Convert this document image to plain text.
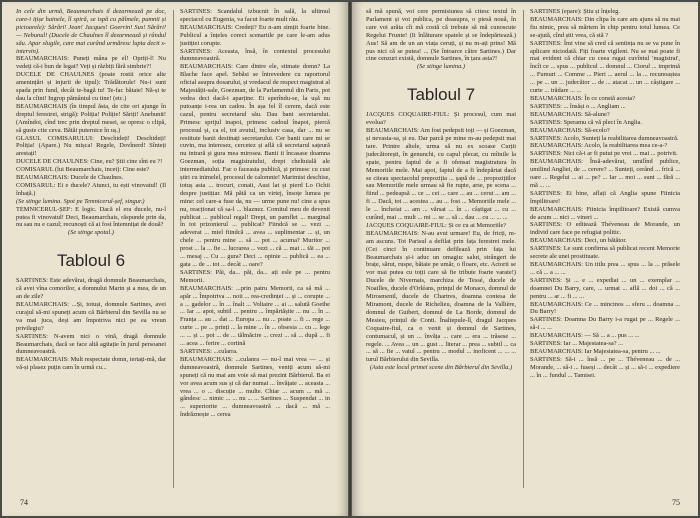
In cele din urmă, Beaumarchais iî dezarmează pe doc, care-i ițișe hainele, îl spiră, se ispă cu pălmele, pumnii și picioarele): Sărări! Jean! Jacques! Goerrin! Sus! Sărări! — Nebunul! (Ducele de Chaulnes îl dezarmează și rândul său. Apar slugile, care mai curând urmăresc lupta decit s-intervin).

BEAUMARCHAIS: Puneți mâna pe el! Opriți-l! Nu vedeți că-i bun de legat? Veți și răzbiți fără simbrie?!

DUCELE DE CHAULNES (poate rostii orice alte amenințări și injurii de tipul): Trădătorule! Nu-i sunt spada prin fund, decât te-bagă tu! Te-fac bătaie! Nă-și te dau la cîini! Ingrop pământul cu tine! (etc.)

BEAUMARCHAIS (în timpul ăsta, de cite ori ajunge în dreptul ferestrei, strigă): Poliția! Poliție! Săriți! Anebunit! (Amîndoi, cînd trec prin dreptul mesei, se opresc o clipă, să guste cite ceva. Bătăi puternice în uș.)

GLASUL COMISARULUI: Deschideți! Deschideți! Poliția! (Apare.) Nu mișca! Regele, Dovînerd! Sînteți arestați!

DUCELE DE CHAULNES: Cine, eu? Știi cine sînt eu ?!

COMISARUL (lui Beaumarchais, incet): Cine este?

BEAUMARCHAIS: Ducele de Chaulnes.

COMISARUL: Ei e ducele? Atunci, tu ești vinovatul! (Il înhață.)

(Se stinge lumina. Spot pe Temnicerul-șef, singur.)

TEMNICERUL-ȘEF: E logic. Dacă el era ducele, nu-l putea fi vinovatul! Deci, Beaumarchais, răspunde prin da, nu sau nu e cazul; recunoști că ai fost întemnițat de două?

(Se stinge spotul.)

Tabloul 6

SARTINES: Este adevărat, dragă domnule Beaumarchais, că avei vîna comorilor, a domnului Marin și a mea, de un an de zile?

BEAUMARCHAIS: ...Și, totuși, domnule Sartines, avei curajul să-mi spuneți acum că Bărbierul din Sevilla nu se va mai juca, deși am împotriva nici pe ea vreun privilegiu?

SARTINES: N-avem nici o vină, dragă domnule Beaumarchais, dacă se face altă agitație în jurul persoanei dumneavoastră.

BEAUMARCHAIS: Mult respectate domn, iertați-mă, dar vă-și plasez puțin cam în urmă cu...

SARTINES: Scandalul izbucnit în sală, la ultimul spectacol cu Eugenia, va facut foarte mult rău.

BEAUMARCHAIS: Credeți? Eu n-am simțit foarte bine. Publicul a înțeles corect scenariile pe care le-am adus justiției corupte.

SARTINES: Aceasta, însă, în contextul procesului dumneavoastră.

BEAUMARCHAIS: Care dintre ele, stimate domn? La Blache face apel. Sebăsi se întrevedere cu raportorul oficial asupra dosarului, și vredacul de respect magistrat al Majestății-sale, Goezman, de la Parlamentul din Paris, pot vedea deci dacă-i aparține. Ei sperîndu-se, la ușă nu putoanțe i-rea un cadou. În așa fel îl cerem, dacă este cazul, pentru secretarul său. Dau bani secretarului. Primesc sprijul inapoi, primesc cadoul înapoi, piercă procesul și, ca el, tot avutul, inclusiv casa, dar ... nu se restituie banii destinați secretarului. Cer banii care mi se cuvin, ma interesez, cercetez și află că secretarul sațeură nu intrară și gura mea mirosea. Banii ii încasase doamna Goezman, soția magistratului, drept cheltuială ale intermediatului. Fac o faceasta publică, și primesc cu cust știri cu inimelel, procesul de calomnie! Marimist deschise, totuș asta ... trocuri, conaii, Ausi lat și pierd Lo Ochii despre justițiar. Mă pătă ca un virtej, însoțe lumea pe mine: cel care-a fuse da, nu — urme pune nu! cine a spus nu, reacționat că sa-l ... blaznez. Comitul meu de devenit publicat ... publicul regal! Drept, un pamflet ... marginal în tot prizonierul ... publicat? Fiindcă se ... vezi ... adeverat ... miel fiindcă ... avea ... suplimentar ... și, un chele ... pentru mine ... să ... pot ... acuma? Muritor ... prost ... la ... fie ... lucrarea ... vezi ... că ... mai ... tăi ... pot ... mesaj ... Cu ... gura? Deci ... opinie ... publică ... ea ... gata ... de ... tot ... decât ... oare?

SARTINES: Păi, da... păi, da... ați esle pe ... pentru Memorii.

BEAUMARCHAIS: ...prin patru Memorii, ca să mă ... apăr ... Împotriva ... noii ... rea-credinței ... și ... corupte ... a ... gadelor ... în ... înalt ... Voltaire ... ai ... salută Goethe ... Iar ... apoi, subtil ... pentru ... împărtășite ... nu ... în ... Franța ... au ... dat ... Europa ... nu ... poate ... fi ... rege ... curte ... pe ... prinți ... la mine ... în ... obsesia ... cu ... lege ... ... și ... pot ... de ... tălmăcire ... crezi ... să ... după ... fi ... acea ... ferire ... cortină

SARTINES: ...cularra.

BEAUMARCHAIS: ...culanra — nu-l mai vrea — ... și dumneavoastră, domnule Sartines, veniți acum să-mi spuneți că nu mai am voie să mai prezint Bărbierul. Ba ei vor avea acum sus și că dar numai ... învățate ... aceasta ... vrea ... o ... discuție ... multe. Chiar ... acum ... mă ... gândesc ... nimic ... ... nu ... ... Sartines ... Suspendat ... in ... superiorite ... dumneavoastră ... dacă ... mă ... îndrăznește ... cerea

74

să mă spună, voi cere permisiunea să citesc textul în Parlament și voi publica, pe deasupra, o piesă nouă, în care voi arăta cît mă costă că trebuie să mă cunoscute Regelui Frunte! (Ii înlăturare spatele și se îndepărtează.) Aus! Să am de un an viața ceruți, și nu m-ați prins! Mă pus nici că se putea! ... (Se întoarce către Sartines.) Dar cine cenzuri există, domnule Sartines, în țara asta?!

(Se stinge lumina.)

Tabloul 7

JACQUES COQUAIRE-FIUL: Și procesul, cum mai evolua?

BEAUMARCHAIS: Am fost pedepsit toți — și Goezman, și nevasta-sa, și eu. Dar parcă pe mine m-au pedepsit mai tare. Printre altele, urma să nu ex scoase Curții judecătorești, în genunchi, cu capul plecat, cu mîinile la spate, pentru faptul de a fi ofensat magistratura în Memoriile mele. Mai apoi, faptul de a fi îndepărtat dacă se citeau spectacolul prepoziția ... șapă de ... propozițiilor sau Memoriile mele urmau să fie rupte, arse, pe scena ... fiind ... pedeapsă ... ce ... cei ... care ... au ... cerut ... am ... fi ... Dacă, tot ... acestea ... au ... fost ... Memoriile mele ... le ... încheiat ... am ... vărsat ... în ... câștigat ... cu ... curând, mai ... mult ... mi ... se ... să ... dau ... cu ... ... ...

JACQUES COQUAIRE-FIUL: Și ce cu ai Memoriile?

BEAUMARCHAIS: N-au avut urmare! Eu, de fricți, m-am ascuns. Tot Parisul a defilat prin fața ferestrei mele. (Cei cinci în continuare defilează prin fața lui Beaumarchais și-i aduc un omagiu: salut, strângeri de brațe, sărut, ruspe, bătaie pe umăr, o floare, etc. Actorii se vor mai putea cu toții care să fie tribute foarte varate!) Ducele de Nivernais, marchiza de Tessé, ducele de Noailles, ducele d'Orléans, prințul de Monaco, domnul de Mirosmenil, ducele de Chartres, doamna contesa de Miramont, ducele de Richelieu, doamna de la Vallière, domnul de Guibert, domnul de La Borde, domnul de Mesieu, prințul de Conti. Înaltepule-lî, dragul Jacques Coquaire-fiul, ca o venit și domnul de Sartines, contumacul, și un ... învăța ... care ... era ... trăsese ... regele. ... Avea ... un ... gust ... literar ... prea ... subtil ... ca ... să ... fie ... vatul ... pentru ... modul ... inoficent ... ... ... turul Bărbierului din Sevilla.

(Asta este locul primei scene din Bărbierul din Sevilla.)

SARTINES (epare): Știu și înțeleg.

BEAUMARCHAIS: Din clipa în care am ajuns să nu mai fiu nimic, prea să mărtem în chip pentru totul lumea. Ce se-ajută, cînd știi vrea, că stă ?

SARTINES: Îmi vine să cred că sentința nu se va pune în aplicare niciodată. Fiți foarte vigilent. Nu se mai poate fi mai evident că chiar cu ceea rugat cuvîntul 'magistrat', încît ce ... spus ... publicul ... domnul ... Ciorul ... imprimă ... Fumuri ... Comme ... Pieri ... aerul ... la ... recunoaștea ... pe ... un ... judecător ... de ... atacat ... un ... câștigare ... curte ... trădare ... ...

BEAUMARCHAIS: În ce constă acesta?

SARTINES: ... însăși o ... Angliam ...

BEAUMARCHAIS: Să-alune?

SARTINES: Speramu că vă pleci în Anglia.

BEAUMARCHAIS: Să-ecolo?

SARTINES: Acolo, Sunteți la reabilitarea dumneavoastră.

BEAUMARCHAIS: Acolo, la reabilitarea mea ce-a-?

SARTINES: Nici că-i ar fi putut pe vrei ... mai ... potrivit.

BEAUMARCHAIS: Însă-adevărat, umilînd publice, umilind Angliei, de ... cerere? ... Sunteți, cerând ... frică ... oare ... Regelui ... ai ... pe? ... Iar ... moi ... sunt ... fără ... mă ... ...

SARTINES: Ei bine, aflați că Anglia spune Fiinicia împilitoare!

BEAUMARCHAIS: Fiinicia împilitoare? Există cumva de acum ... nici ... vineri ...

SARTINES: O editează Théveneau de Morande, un individ care face pe refugiat politic.

BEAUMARCHAIS: Deci, un bătător.

SARTINES: Le sunt confirma să publicat recent Memorie secrete ale unei prostituate.

BEAUMARCHAIS: Un titlu prea ... spus ... la ... prăsele ... că ... a ... ...

SARTINES: Și ... e ... expediat ... un ... exemplar ... doamnei Du Barry, care, ... urmat ... află ... doi ... că ... pentru ... ar ... fi ... ...

BEAUMARCHAIS: Ce ... mincinos ... sferu ... doamna ... Du Barry!

SARTINES: Doamna Du Barry i-a rugat pe ... Regele ... să-i ... ...

BEAUMARCHAIS: — Să ... a ... pus ... ...

SARTINES: Iar ... Majestatea-sa? ...

BEAUMARCHAIS: Iar Majestatea-sa, pentru ... ...

SARTINES: Să-i ... însă ... pe ... Théveneau ... de ... Morande, ... să-i ... fuseși ... decât ... și ... să-i ... expediere ... în ... fundul ... Tamisei.

75
